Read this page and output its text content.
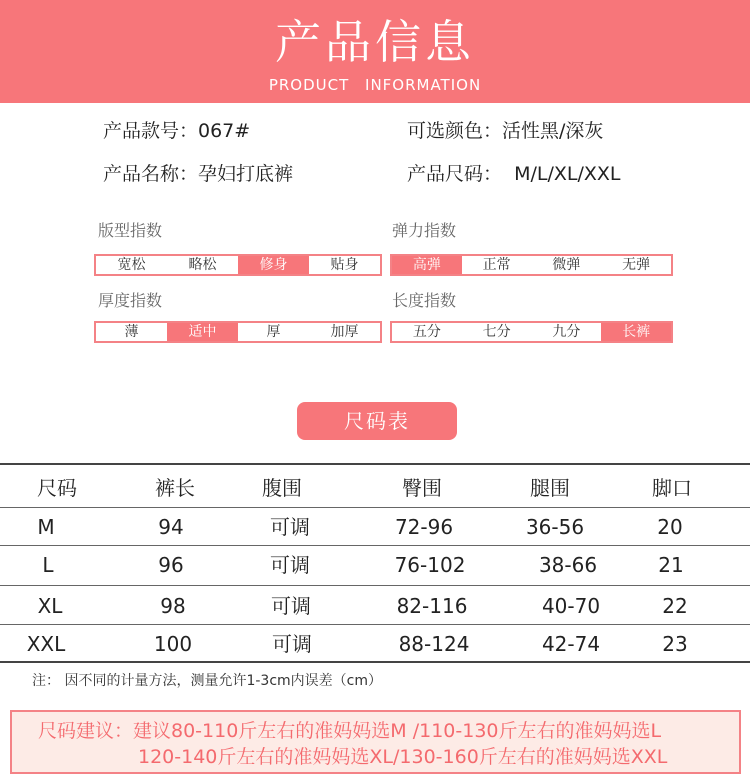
产品信息
PRODUCT INFORMATION
产品款号：067#	可选颜色：活性黑/深灰
产品名称：孕妇打底裤	产品尺码：  M/L/XL/XXL
版型指数
宽松	略松	修身	贴身
弹力指数
高弹	正常	微弹	无弹
厚度指数
薄	适中	厚	加厚
长度指数
五分	七分	九分	长裤
尺码表
尺码	裤长	腹围	臀围	腿围	脚口
M	94	可调	72-96	36-56	20
L	96	可调	76-102	38-66	21
XL	98	可调	82-116	40-70	22
XXL	100	可调	88-124	42-74	23
注： 因不同的计量方法，测量允许1-3cm内误差（cm）
尺码建议：建议80-110斤左右的准妈妈选M /110-130斤左右的准妈妈选L
120-140斤左右的准妈妈选XL/130-160斤左右的准妈妈选XXL
